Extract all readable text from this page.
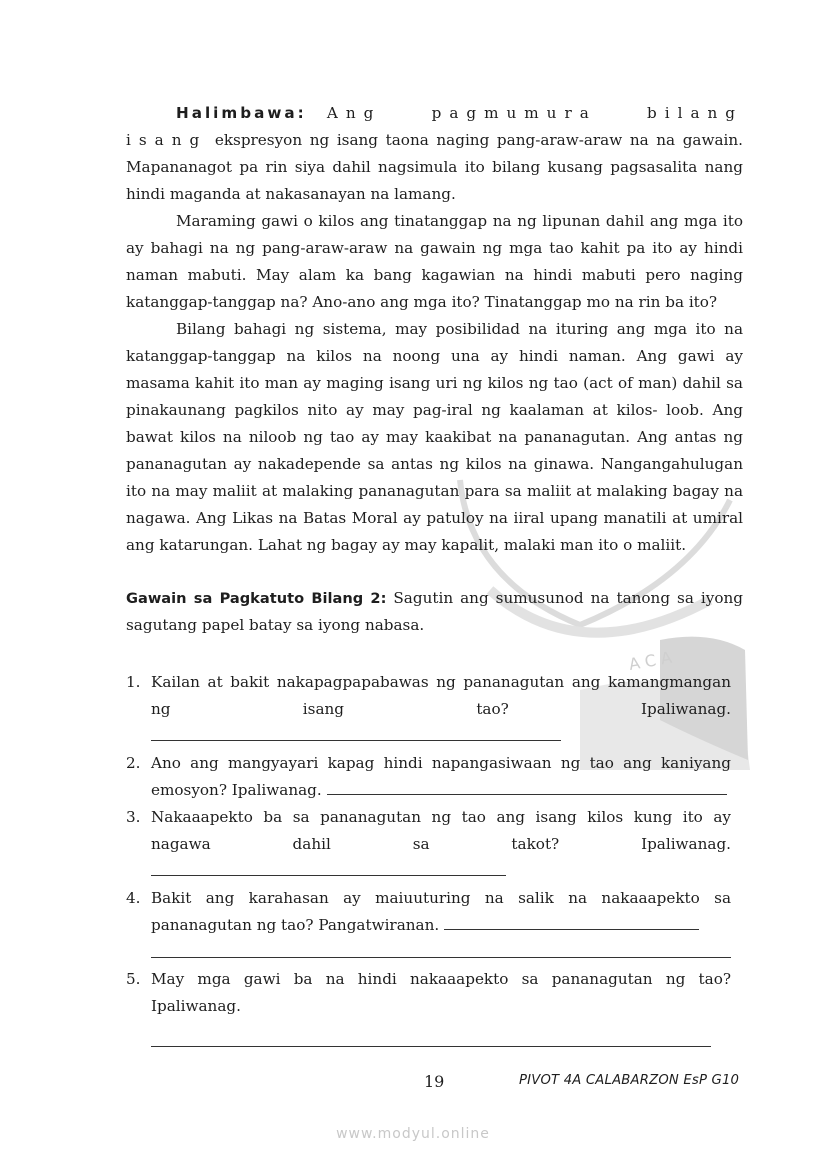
A C A

Halimbawa: Ang pagmumura bilang isang ekspresyon ng isang taona naging pang-araw-araw na na gawain. Mapananagot pa rin siya dahil nagsimula ito bilang kusang pagsasalita nang hindi maganda at nakasanayan na lamang.

Maraming gawi o kilos ang tinatanggap na ng lipunan dahil ang mga ito ay bahagi na ng pang-araw-araw na gawain ng mga tao kahit pa ito ay hindi naman mabuti. May alam ka bang kagawian na hindi mabuti pero naging katanggap-tanggap na? Ano-ano ang mga ito? Tinatanggap mo na rin ba ito?

Bilang bahagi ng sistema, may posibilidad na ituring ang mga ito na katanggap-tanggap na kilos na noong una ay hindi naman. Ang gawi ay masama kahit ito man ay maging isang uri ng kilos ng tao (act of man) dahil sa pinakaunang pagkilos nito ay may pag-iral ng kaalaman at kilos- loob. Ang bawat kilos na niloob ng tao ay may kaakibat na pananagutan. Ang antas ng pananagutan ay nakadepende sa antas ng kilos na ginawa. Nangangahulugan ito na may maliit at malaking pananagutan para sa maliit at malaking bagay na nagawa. Ang Likas na Batas Moral ay patuloy na iiral upang manatili at umiral ang katarungan. Lahat ng bagay ay may kapalit, malaki man ito o maliit.

Gawain sa Pagkatuto Bilang 2: Sagutin ang sumusunod na tanong sa iyong sagutang papel batay sa iyong nabasa.

1. Kailan at bakit nakapagpapabawas ng pananagutan ang kamangmangan ng isang tao? Ipaliwanag.
2. Ano ang mangyayari kapag hindi napangasiwaan ng tao ang kaniyang emosyon? Ipaliwanag.
3. Nakaaapekto ba sa pananagutan ng tao ang isang kilos kung ito ay nagawa dahil sa takot? Ipaliwanag.
4. Bakit ang karahasan ay maiuuturing na salik na nakaaapekto sa pananagutan ng tao? Pangatwiranan.
5. May mga gawi ba na hindi nakaaapekto sa pananagutan ng tao? Ipaliwanag.
19	PIVOT 4A CALABARZON EsP G10
www.modyul.online
